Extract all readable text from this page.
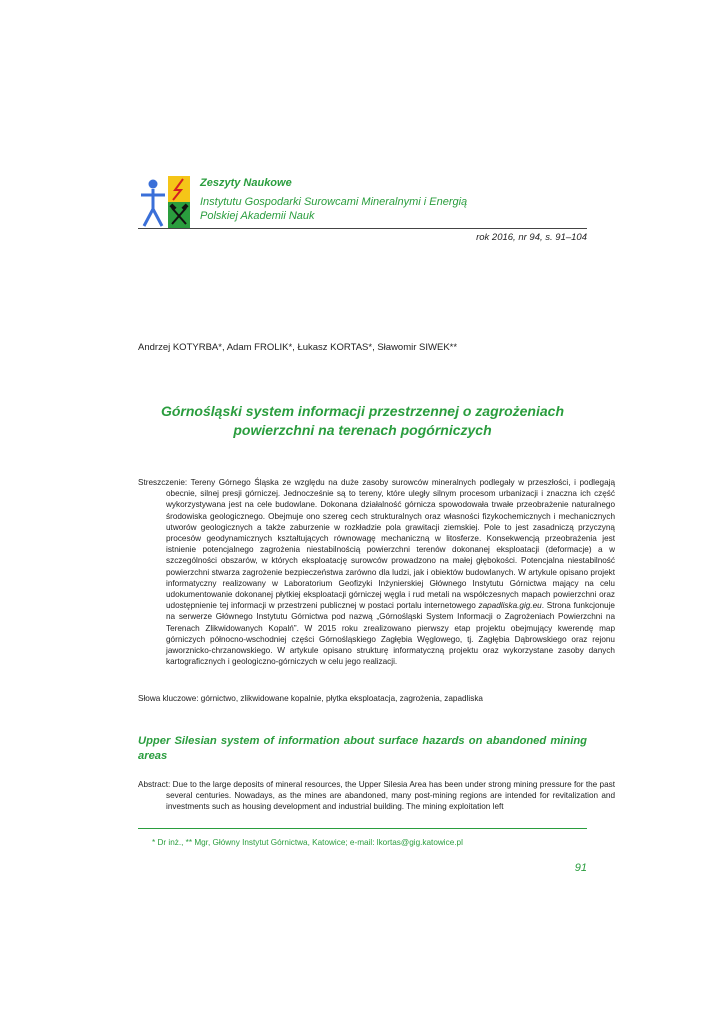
Zeszyty Naukowe
Instytutu Gospodarki Surowcami Mineralnymi i Energią
Polskiej Akademii Nauk
rok 2016, nr 94, s. 91–104
Andrzej KOTYRBA*, Adam FROLIK*, Łukasz KORTAS*, Sławomir SIWEK**
Górnośląski system informacji przestrzennej o zagrożeniach
powierzchni na terenach pogórniczych
Streszczenie: Tereny Górnego Śląska ze względu na duże zasoby surowców mineralnych podlegały w przeszłości, i podlegają obecnie, silnej presji górniczej. Jednocześnie są to tereny, które uległy silnym procesom urbanizacji i znaczna ich część wykorzystywana jest na cele budowlane. Dokonana działalność górnicza spowodowała trwałe przeobrażenie naturalnego środowiska geologicznego. Obejmuje ono szereg cech strukturalnych oraz własności fizykochemicznych i mechanicznych utworów geologicznych a także zaburzenie w rozkładzie pola grawitacji ziemskiej. Pole to jest zasadniczą przyczyną procesów geodynamicznych kształtujących równowagę mechaniczną w litosferze. Konsekwencją przeobrażenia jest istnienie potencjalnego zagrożenia niestabilnością powierzchni terenów dokonanej eksploatacji (deformacje) a w szczególności obszarów, w których eksploatację surowców prowadzono na małej głębokości. Potencjalna niestabilność powierzchni stwarza zagrożenie bezpieczeństwa zarówno dla ludzi, jak i obiektów budowlanych. W artykule opisano projekt informatyczny realizowany w Laboratorium Geofizyki Inżynierskiej Głównego Instytutu Górnictwa mający na celu udokumentowanie dokonanej płytkiej eksploatacji górniczej węgla i rud metali na współczesnych mapach powierzchni oraz udostępnienie tej informacji w przestrzeni publicznej w postaci portalu internetowego zapadliska.gig.eu. Strona funkcjonuje na serwerze Głównego Instytutu Górnictwa pod nazwą „Górnośląski System Informacji o Zagrożeniach Powierzchni na Terenach Zlikwidowanych Kopalń”. W 2015 roku zrealizowano pierwszy etap projektu obejmujący kwerendę map górniczych północno-wschodniej części Górnośląskiego Zagłębia Węglowego, tj. Zagłębia Dąbrowskiego oraz rejonu jaworznicko-chrzanowskiego. W artykule opisano strukturę informatyczną projektu oraz wykorzystane zasoby danych kartograficznych i geologiczno-górniczych w celu jego realizacji.
Słowa kluczowe: górnictwo, zlikwidowane kopalnie, płytka eksploatacja, zagrożenia, zapadliska
Upper Silesian system of information about surface hazards on abandoned mining areas
Abstract: Due to the large deposits of mineral resources, the Upper Silesia Area has been under strong mining pressure for the past several centuries. Nowadays, as the mines are abandoned, many post-mining regions are intended for revitalization and investments such as housing development and industrial building. The mining exploitation left
* Dr inż., ** Mgr, Główny Instytut Górnictwa, Katowice; e-mail: lkortas@gig.katowice.pl
91
